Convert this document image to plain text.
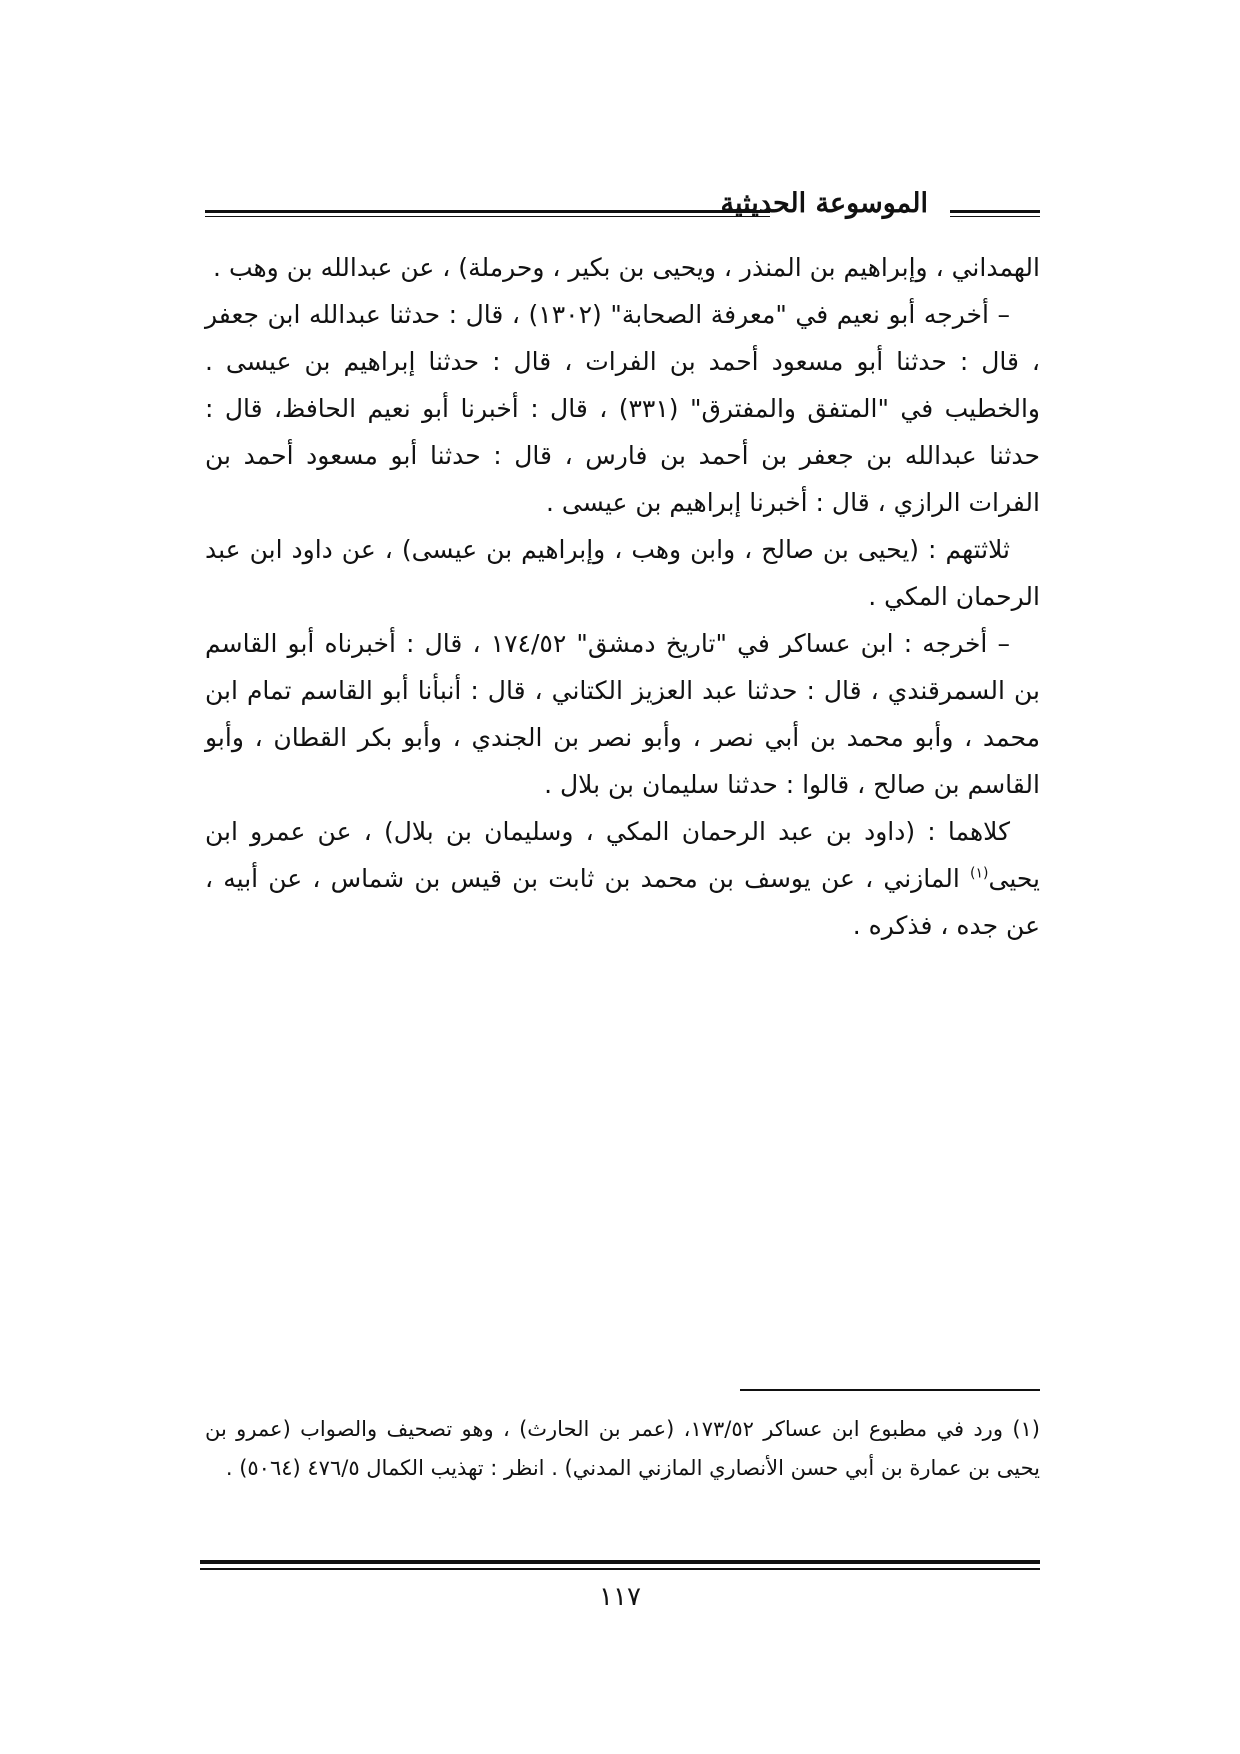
الموسوعة الحديثية

الهمداني ، وإبراهيم بن المنذر ، ويحيى بن بكير ، وحرملة) ، عن عبدالله بن وهب .

– أخرجه أبو نعيم في "معرفة الصحابة" (١٣٠٢) ، قال : حدثنا عبدالله ابن جعفر ، قال : حدثنا أبو مسعود أحمد بن الفرات ، قال : حدثنا إبراهيم بن عيسى . والخطيب في "المتفق والمفترق" (٣٣١) ، قال : أخبرنا أبو نعيم الحافظ، قال : حدثنا عبدالله بن جعفر بن أحمد بن فارس ، قال : حدثنا أبو مسعود أحمد بن الفرات الرازي ، قال : أخبرنا إبراهيم بن عيسى .

ثلاثتهم : (يحيى بن صالح ، وابن وهب ، وإبراهيم بن عيسى) ، عن داود ابن عبد الرحمان المكي .

– أخرجه : ابن عساكر في "تاريخ دمشق" ١٧٤/٥٢ ، قال : أخبرناه أبو القاسم بن السمرقندي ، قال : حدثنا عبد العزيز الكتاني ، قال : أنبأنا أبو القاسم تمام ابن محمد ، وأبو محمد بن أبي نصر ، وأبو نصر بن الجندي ، وأبو بكر القطان ، وأبو القاسم بن صالح ، قالوا : حدثنا سليمان بن بلال .

كلاهما : (داود بن عبد الرحمان المكي ، وسليمان بن بلال) ، عن عمرو ابن يحيى$^{(١)}$ المازني ، عن يوسف بن محمد بن ثابت بن قيس بن شماس ، عن أبيه ، عن جده ، فذكره .

(١) ورد في مطبوع ابن عساكر ١٧٣/٥٢، (عمر بن الحارث) ، وهو تصحيف والصواب (عمرو بن يحيى بن عمارة بن أبي حسن الأنصاري المازني المدني) . انظر : تهذيب الكمال ٤٧٦/٥ (٥٠٦٤) .

١١٧
